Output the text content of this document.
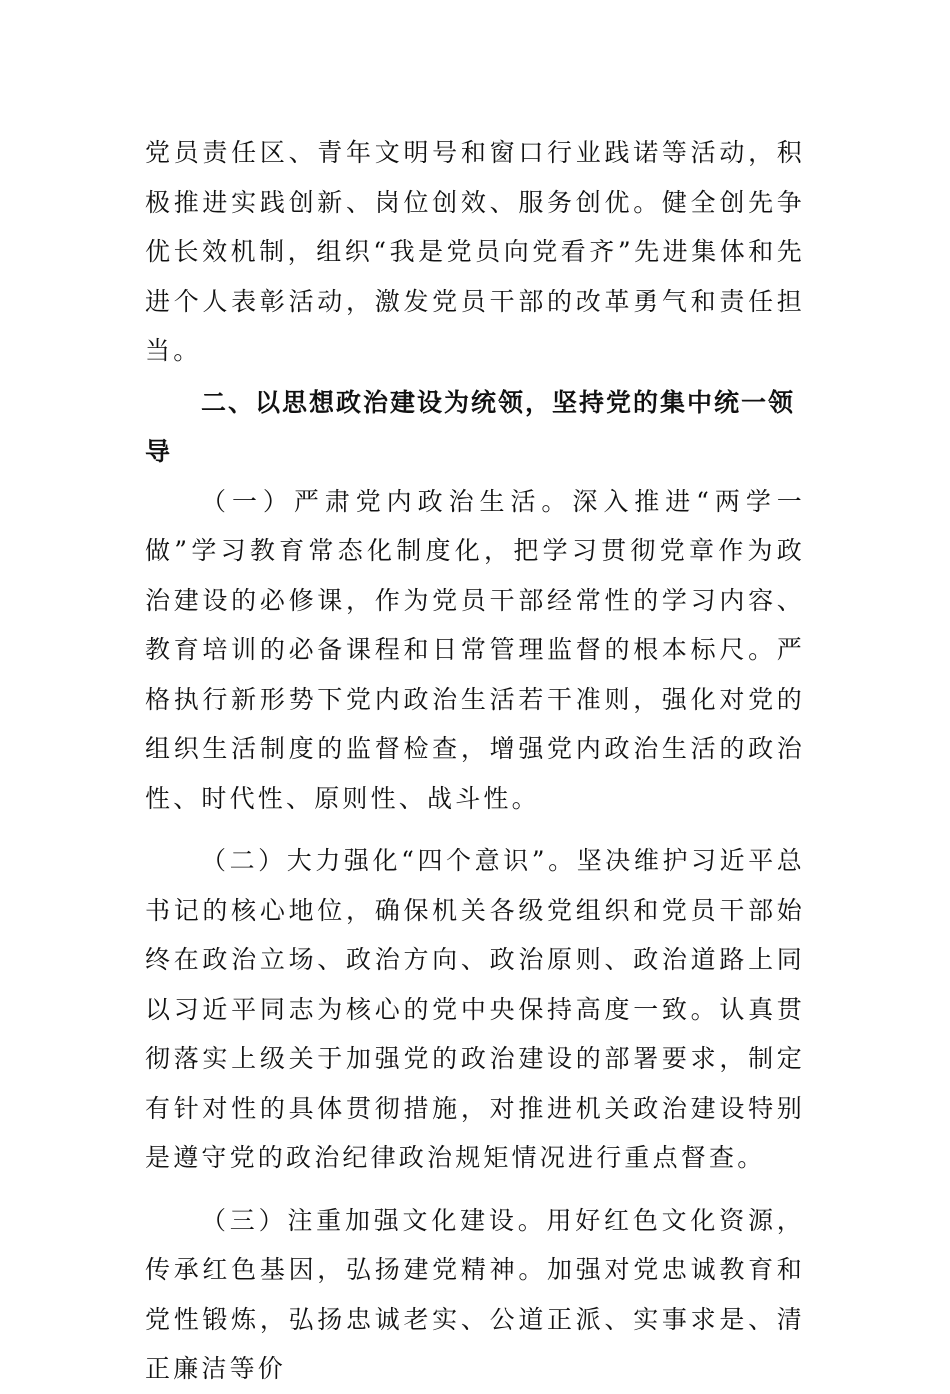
党员责任区、青年文明号和窗口行业践诺等活动，积极推进实践创新、岗位创效、服务创优。健全创先争优长效机制，组织“我是党员向党看齐”先进集体和先进个人表彰活动，激发党员干部的改革勇气和责任担当。

二、以思想政治建设为统领，坚持党的集中统一领导

（一）严肃党内政治生活。深入推进“两学一做”学习教育常态化制度化，把学习贯彻党章作为政治建设的必修课，作为党员干部经常性的学习内容、教育培训的必备课程和日常管理监督的根本标尺。严格执行新形势下党内政治生活若干准则，强化对党的组织生活制度的监督检查，增强党内政治生活的政治性、时代性、原则性、战斗性。

（二）大力强化“四个意识”。坚决维护习近平总书记的核心地位，确保机关各级党组织和党员干部始终在政治立场、政治方向、政治原则、政治道路上同以习近平同志为核心的党中央保持高度一致。认真贯彻落实上级关于加强党的政治建设的部署要求，制定有针对性的具体贯彻措施，对推进机关政治建设特别是遵守党的政治纪律政治规矩情况进行重点督查。

（三）注重加强文化建设。用好红色文化资源，传承红色基因，弘扬建党精神。加强对党忠诚教育和党性锻炼，弘扬忠诚老实、公道正派、实事求是、清正廉洁等价
